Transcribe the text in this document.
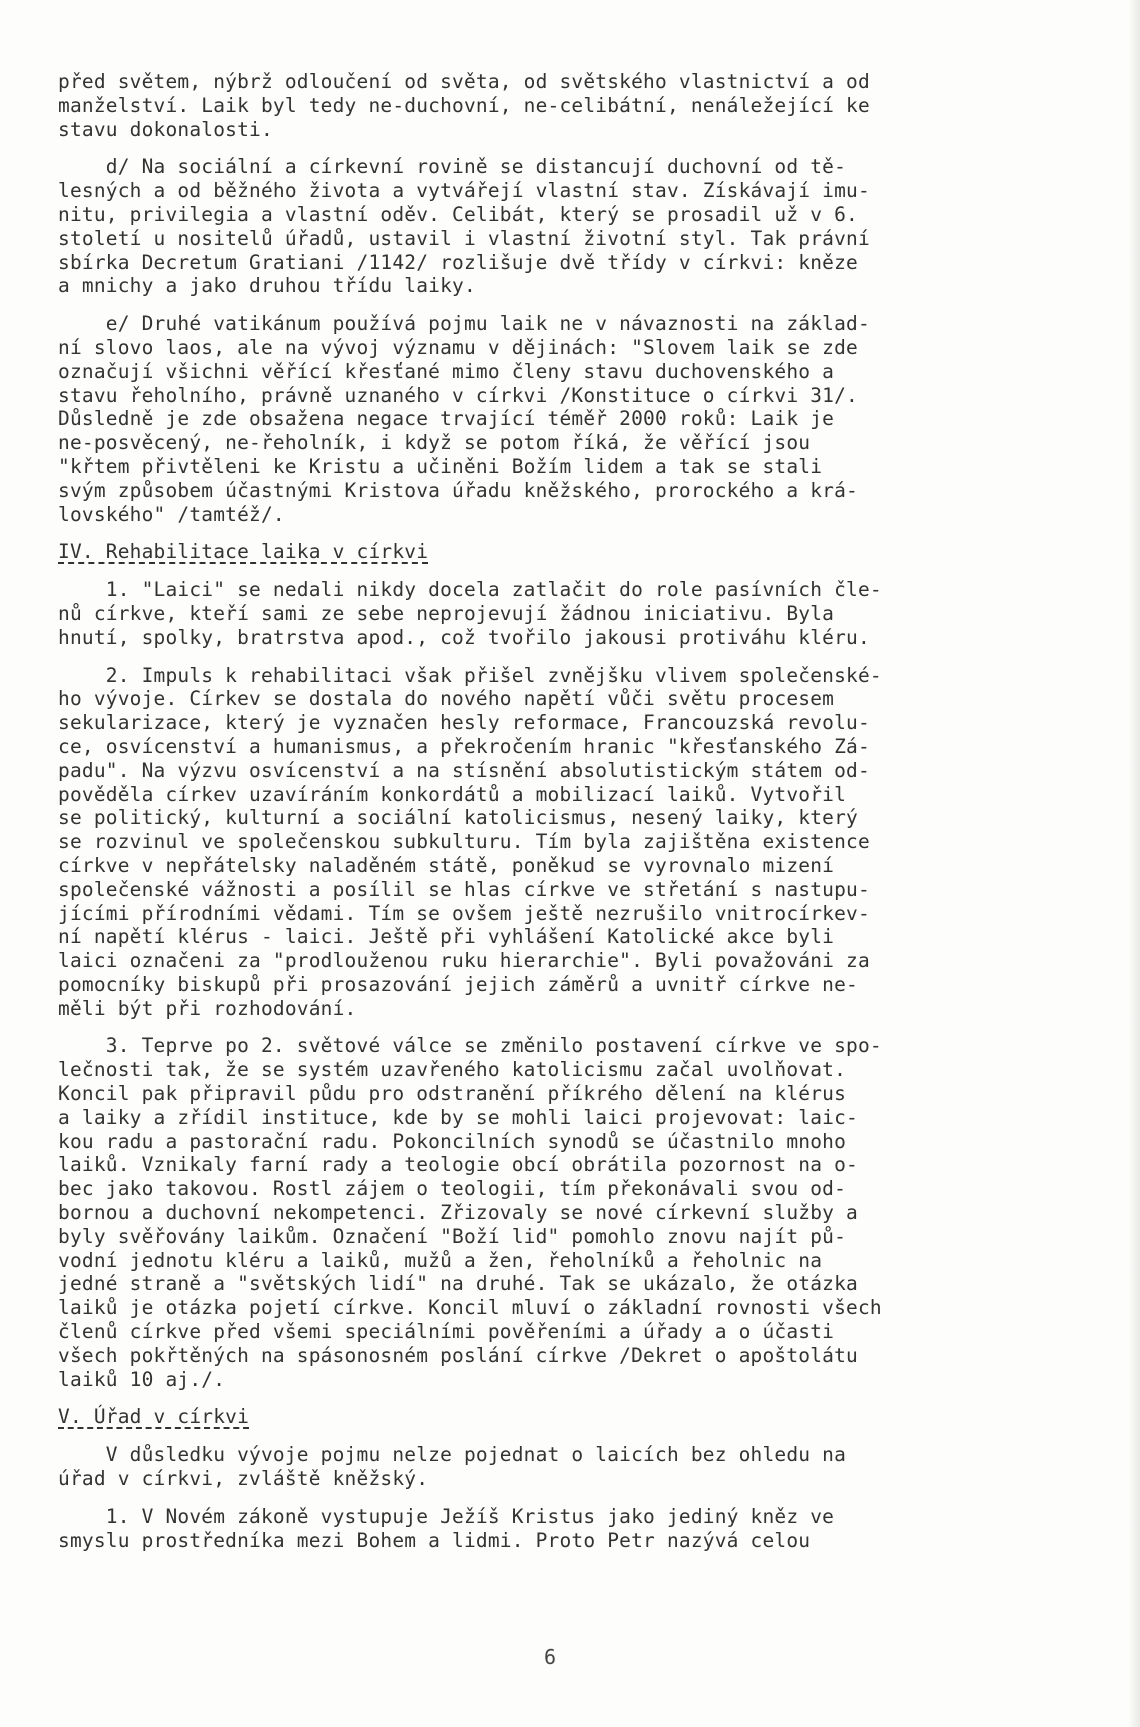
před světem, nýbrž odloučení od světa, od světského vlastnictví a od
manželství. Laik byl tedy ne-duchovní, ne-celibátní, nenáležející ke
stavu dokonalosti.
d/ Na sociální a církevní rovině se distancují duchovní od tě-
lesných a od běžného života a vytvářejí vlastní stav. Získávají imu-
nitu, privilegia a vlastní oděv. Celibát, který se prosadil už v 6.
století u nositelů úřadů, ustavil i vlastní životní styl. Tak právní
sbírka Decretum Gratiani /1142/ rozlišuje dvě třídy v církvi: kněze
a mnichy a jako druhou třídu laiky.
e/ Druhé vatikánum používá pojmu laik ne v návaznosti na základ-
ní slovo laos, ale na vývoj významu v dějinách: "Slovem laik se zde
označují všichni věřící křesťané mimo členy stavu duchovenského a
stavu řeholního, právně uznaného v církvi /Konstituce o církvi 31/.
Důsledně je zde obsažena negace trvající téměř 2000 roků: Laik je
ne-posvěcený, ne-řeholník, i když se potom říká, že věřící jsou
"křtem přivtěleni ke Kristu a učiněni Božím lidem a tak se stali
svým způsobem účastnými Kristova úřadu kněžského, prorockého a krá-
lovského" /tamtéž/.
IV. Rehabilitace laika v církvi
1. "Laici" se nedali nikdy docela zatlačit do role pasívních čle-
nů církve, kteří sami ze sebe neprojevují žádnou iniciativu. Byla
hnutí, spolky, bratrstva apod., což tvořilo jakousi protiváhu kléru.
2. Impuls k rehabilitaci však přišel zvnějšku vlivem společenské-
ho vývoje. Církev se dostala do nového napětí vůči světu procesem
sekularizace, který je vyznačen hesly reformace, Francouzská revolu-
ce, osvícenství a humanismus, a překročením hranic "křesťanského Zá-
padu". Na výzvu osvícenství a na stísnění absolutistickým státem od-
pověděla církev uzavíráním konkordátů a mobilizací laiků. Vytvořil
se politický, kulturní a sociální katolicismus, nesený laiky, který
se rozvinul ve společenskou subkulturu. Tím byla zajištěna existence
církve v nepřátelsky naladěném státě, poněkud se vyrovnalo mizení
společenské vážnosti a posílil se hlas církve ve střetání s nastupu-
jícími přírodními vědami. Tím se ovšem ještě nezrušilo vnitrocírkev-
ní napětí klérus - laici. Ještě při vyhlášení Katolické akce byli
laici označeni za "prodlouženou ruku hierarchie". Byli považováni za
pomocníky biskupů při prosazování jejich záměrů a uvnitř církve ne-
měli být při rozhodování.
3. Teprve po 2. světové válce se změnilo postavení církve ve spo-
lečnosti tak, že se systém uzavřeného katolicismu začal uvolňovat.
Koncil pak připravil půdu pro odstranění příkrého dělení na klérus
a laiky a zřídil instituce, kde by se mohli laici projevovat: laic-
kou radu a pastorační radu. Pokoncilních synodů se účastnilo mnoho
laiků. Vznikaly farní rady a teologie obcí obrátila pozornost na o-
bec jako takovou. Rostl zájem o teologii, tím překonávali svou od-
bornou a duchovní nekompetenci. Zřizovaly se nové církevní služby a
byly svěřovány laikům. Označení "Boží lid" pomohlo znovu najít pů-
vodní jednotu kléru a laiků, mužů a žen, řeholníků a řeholnic na
jedné straně a "světských lidí" na druhé. Tak se ukázalo, že otázka
laiků je otázka pojetí církve. Koncil mluví o základní rovnosti všech
členů církve před všemi speciálními pověřeními a úřady a o účasti
všech pokřtěných na spásonosném poslání církve /Dekret o apoštolátu
laiků 10 aj./.
V. Úřad v církvi
V důsledku vývoje pojmu nelze pojednat o laicích bez ohledu na
úřad v církvi, zvláště kněžský.
1. V Novém zákoně vystupuje Ježíš Kristus jako jediný kněz ve
smyslu prostředníka mezi Bohem a lidmi. Proto Petr nazývá celou
6
